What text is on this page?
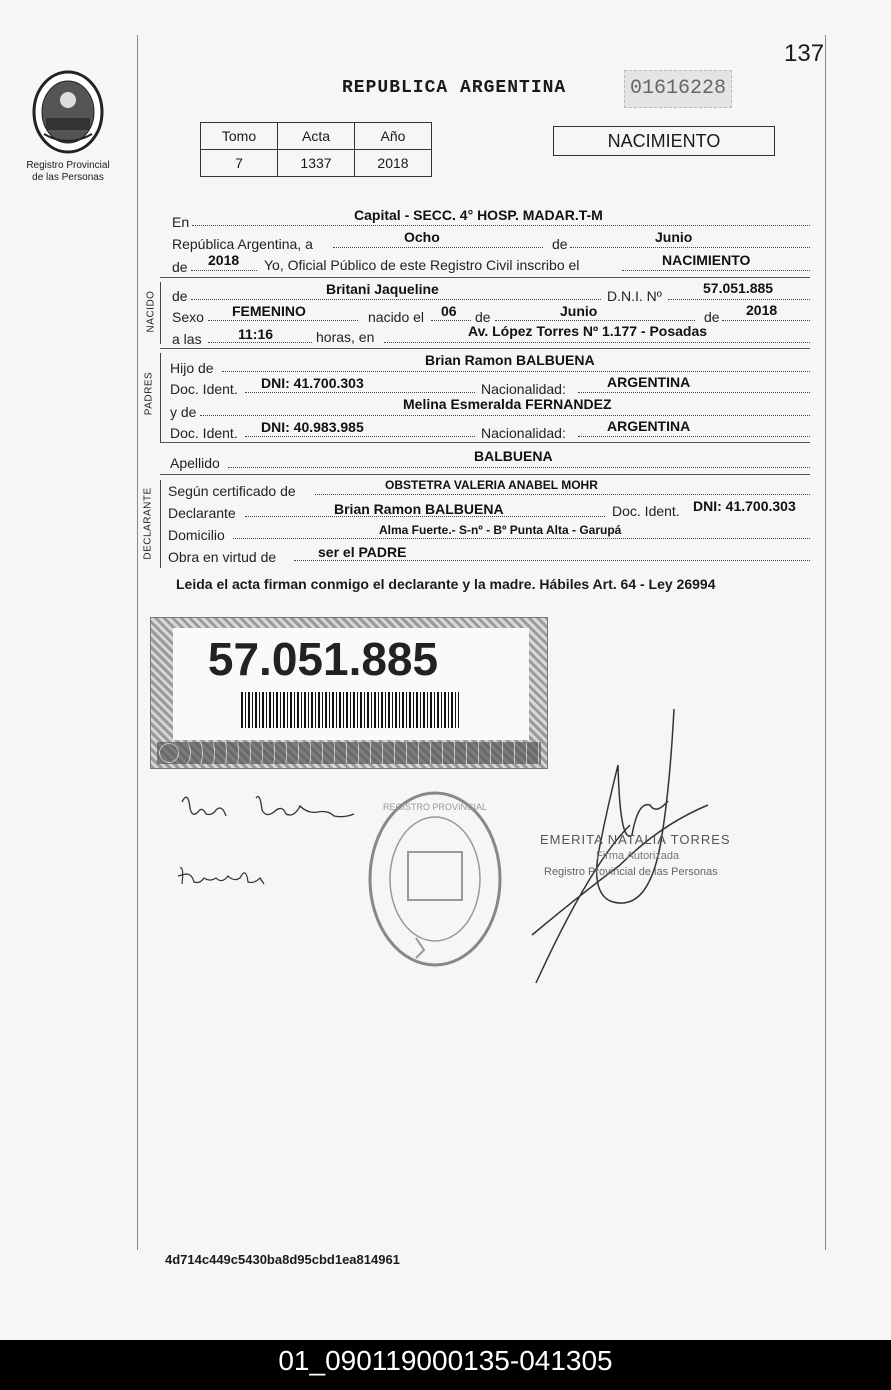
137
Registro Provincial de las Personas
REPUBLICA ARGENTINA	01616228
NACIMIENTO
Tomo	Acta	Año
7	1337	2018
En	Capital - SECC. 4° HOSP. MADAR.T-M
República Argentina, a	Ocho	de	Junio
de 2018 Yo, Oficial Público de este Registro Civil inscribo el	NACIMIENTO
NACIDO de	Britani Jaqueline	D.N.I. Nº	57.051.885
Sexo FEMENINO	nacido el 06 de	Junio	de 2018
a las	11:16	horas, en	Av. López Torres Nº 1.177 - Posadas
PADRES
Hijo de	Brian Ramon BALBUENA
Doc. Ident. DNI: 41.700.303	Nacionalidad:	ARGENTINA
y de	Melina Esmeralda FERNANDEZ
Doc. Ident. DNI: 40.983.985	Nacionalidad:	ARGENTINA
Apellido	BALBUENA
DECLARANTE Según certificado de	OBSTETRA VALERIA ANABEL MOHR
Declarante	Brian Ramon BALBUENA	Doc. Ident. DNI: 41.700.303
Domicilio	Alma Fuerte.- S-nº - Bº Punta Alta - Garupá
Obra en virtud de	ser el PADRE
Leida el acta firman conmigo el declarante y la madre. Hábiles Art. 64 - Ley 26994
57.051.885
REGISTRO PROVINCIAL
EMERITA NATALIA TORRES
Firma Autorizada
Registro Provincial de las Personas
4d714c449c5430ba8d95cbd1ea814961
01_090119000135-041305
